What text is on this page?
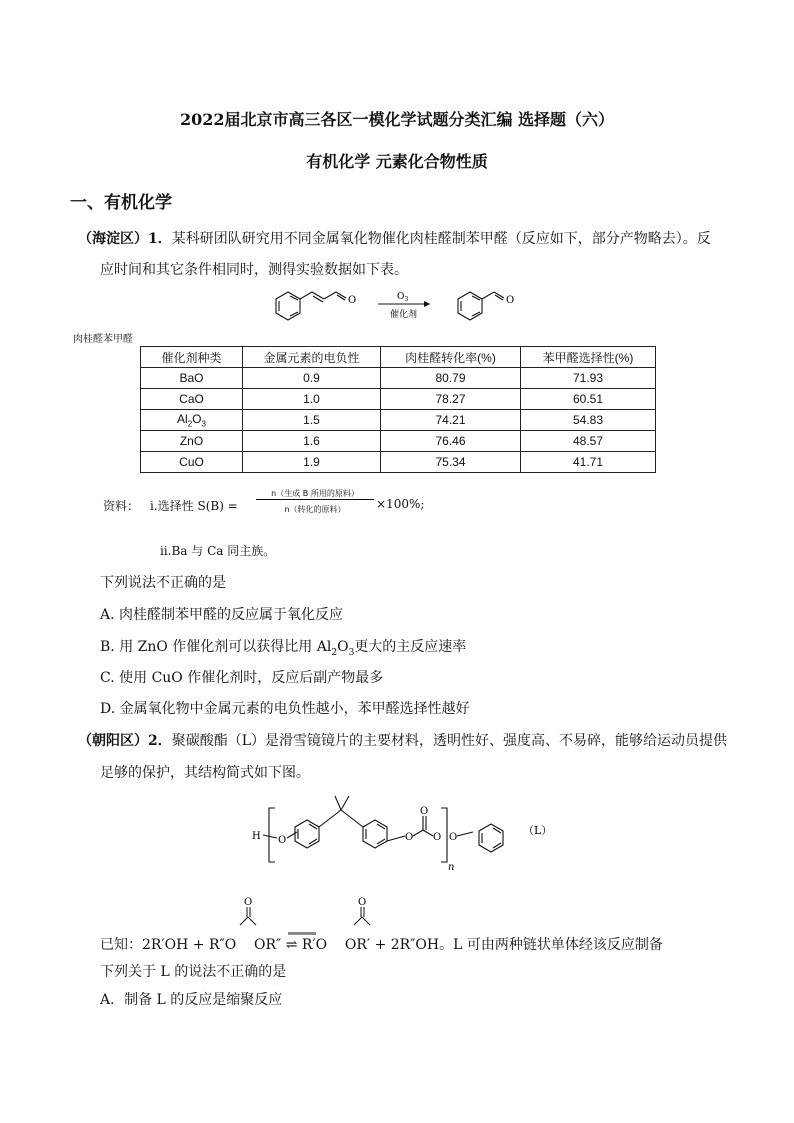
2022届北京市高三各区一模化学试题分类汇编 选择题（六）
有机化学 元素化合物性质
一、有机化学
（海淀区）1．某科研团队研究用不同金属氧化物催化肉桂醛制苯甲醛（反应如下，部分产物略去）。反
应时间和其它条件相同时，测得实验数据如下表。
O	$O_3$
催化剂
O
肉桂醛苯甲醛
催化剂种类	金属元素的电负性	肉桂醛转化率(%)	苯甲醛选择性(%)
BaO	0.9	80.79	71.93
CaO	1.0	78.27	60.51
$Al_2O_3$	1.5	74.21	54.83
ZnO	1.6	76.46	48.57
CuO	1.9	75.34	41.71
资料： ⅰ.选择性 S(B) =
n（生成 B 所用的原料）
n（转化的原料）	×100%;
ⅱ.Ba 与 Ca 同主族。
下列说法不正确的是
A. 肉桂醛制苯甲醛的反应属于氧化反应
B. 用 ZnO 作催化剂可以获得比用 $Al_2O_3$更大的主反应速率
C. 使用 CuO 作催化剂时，反应后副产物最多
D. 金属氧化物中金属元素的电负性越小，苯甲醛选择性越好
（朝阳区）2．聚碳酸酯（L）是滑雪镜镜片的主要材料，透明性好、强度高、不易碎，能够给运动员提供
足够的保护，其结构简式如下图。
H O	O
O
O O
n
（L）
O	O
已知：2R′OH + R″O OR″ ⇌ R′O OR′ + 2R″OH。L 可由两种链状单体经该反应制备
下列关于 L 的说法不正确的是
A．制备 L 的反应是缩聚反应
